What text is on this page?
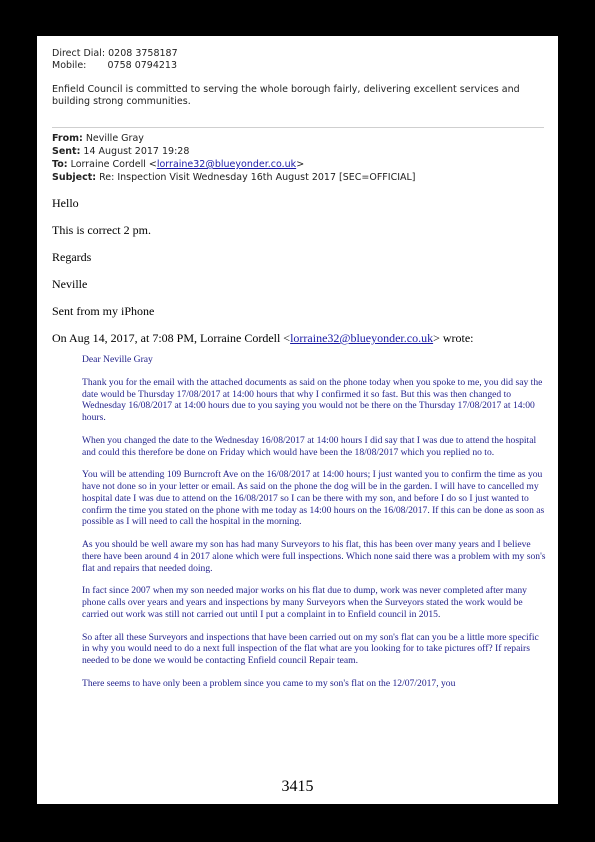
Direct Dial: 0208 3758187
Mobile: 0758 0794213
Enfield Council is committed to serving the whole borough fairly, delivering excellent services and building strong communities.
From: Neville Gray
Sent: 14 August 2017 19:28
To: Lorraine Cordell <lorraine32@blueyonder.co.uk>
Subject: Re: Inspection Visit Wednesday 16th August 2017 [SEC=OFFICIAL]

Hello

This is correct 2 pm.

Regards

Neville

Sent from my iPhone

On Aug 14, 2017, at 7:08 PM, Lorraine Cordell <lorraine32@blueyonder.co.uk> wrote:

Dear Neville Gray

Thank you for the email with the attached documents as said on the phone today when you spoke to me, you did say the date would be Thursday 17/08/2017 at 14:00 hours that why I confirmed it so fast. But this was then changed to Wednesday 16/08/2017 at 14:00 hours due to you saying you would not be there on the Thursday 17/08/2017 at 14:00 hours.

When you changed the date to the Wednesday 16/08/2017 at 14:00 hours I did say that I was due to attend the hospital and could this therefore be done on Friday which would have been the 18/08/2017 which you replied no to.

You will be attending 109 Burncroft Ave on the 16/08/2017 at 14:00 hours; I just wanted you to confirm the time as you have not done so in your letter or email. As said on the phone the dog will be in the garden. I will have to cancelled my hospital date I was due to attend on the 16/08/2017 so I can be there with my son, and before I do so I just wanted to confirm the time you stated on the phone with me today as 14:00 hours on the 16/08/2017. If this can be done as soon as possible as I will need to call the hospital in the morning.

As you should be well aware my son has had many Surveyors to his flat, this has been over many years and I believe there have been around 4 in 2017 alone which were full inspections. Which none said there was a problem with my son's flat and repairs that needed doing.

In fact since 2007 when my son needed major works on his flat due to dump, work was never completed after many phone calls over years and years and inspections by many Surveyors when the Surveyors stated the work would be carried out work was still not carried out until I put a complaint in to Enfield council in 2015.

So after all these Surveyors and inspections that have been carried out on my son's flat can you be a little more specific in why you would need to do a next full inspection of the flat what are you looking for to take pictures off? If repairs needed to be done we would be contacting Enfield council Repair team.

There seems to have only been a problem since you came to my son's flat on the 12/07/2017, you

3415
